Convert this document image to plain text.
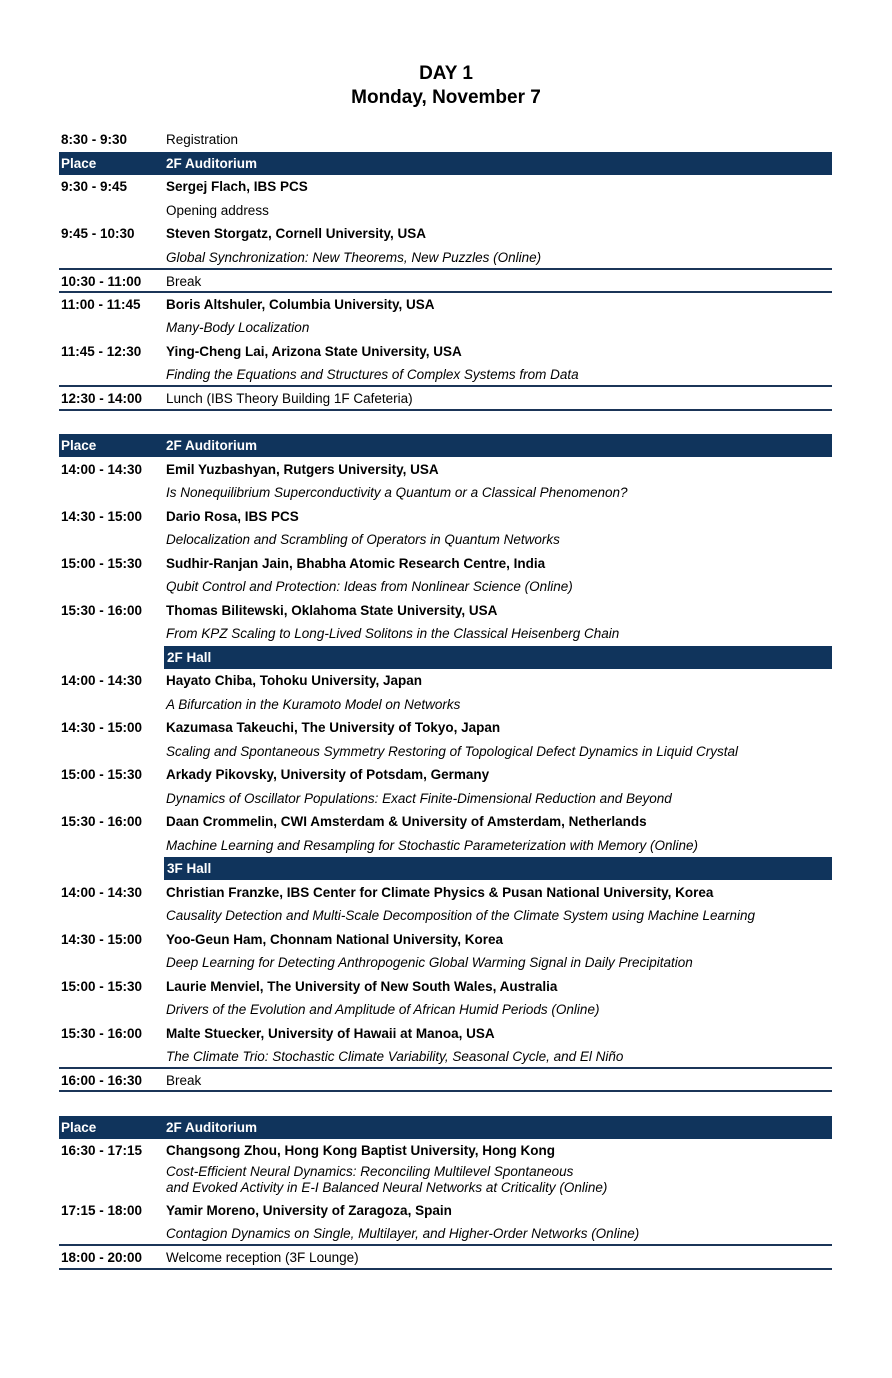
DAY 1
Monday, November 7
8:30 - 9:30	Registration
Place	2F Auditorium
9:30 - 9:45	Sergej Flach, IBS PCS
Opening address
9:45 - 10:30 Steven Storgatz, Cornell University, USA
Global Synchronization: New Theorems, New Puzzles (Online)
10:30 - 11:00 Break
11:00 - 11:45 Boris Altshuler, Columbia University, USA
Many-Body Localization
11:45 - 12:30 Ying-Cheng Lai, Arizona State University, USA
Finding the Equations and Structures of Complex Systems from Data
12:30 - 14:00 Lunch (IBS Theory Building 1F Cafeteria)
Place	2F Auditorium
14:00 - 14:30 Emil Yuzbashyan, Rutgers University, USA
Is Nonequilibrium Superconductivity a Quantum or a Classical Phenomenon?
14:30 - 15:00 Dario Rosa, IBS PCS
Delocalization and Scrambling of Operators in Quantum Networks
15:00 - 15:30 Sudhir-Ranjan Jain, Bhabha Atomic Research Centre, India
Qubit Control and Protection: Ideas from Nonlinear Science (Online)
15:30 - 16:00 Thomas Bilitewski, Oklahoma State University, USA
From KPZ Scaling to Long-Lived Solitons in the Classical Heisenberg Chain
2F Hall
14:00 - 14:30 Hayato Chiba, Tohoku University, Japan
A Bifurcation in the Kuramoto Model on Networks
14:30 - 15:00 Kazumasa Takeuchi, The University of Tokyo, Japan
Scaling and Spontaneous Symmetry Restoring of Topological Defect Dynamics in Liquid Crystal
15:00 - 15:30 Arkady Pikovsky, University of Potsdam, Germany
Dynamics of Oscillator Populations: Exact Finite-Dimensional Reduction and Beyond
15:30 - 16:00 Daan Crommelin, CWI Amsterdam & University of Amsterdam, Netherlands
Machine Learning and Resampling for Stochastic Parameterization with Memory (Online)
3F Hall
14:00 - 14:30 Christian Franzke, IBS Center for Climate Physics & Pusan National University, Korea
Causality Detection and Multi-Scale Decomposition of the Climate System using Machine Learning
14:30 - 15:00 Yoo-Geun Ham, Chonnam National University, Korea
Deep Learning for Detecting Anthropogenic Global Warming Signal in Daily Precipitation
15:00 - 15:30 Laurie Menviel, The University of New South Wales, Australia
Drivers of the Evolution and Amplitude of African Humid Periods (Online)
15:30 - 16:00 Malte Stuecker, University of Hawaii at Manoa, USA
The Climate Trio: Stochastic Climate Variability, Seasonal Cycle, and El Niño
16:00 - 16:30 Break
Place	2F Auditorium
16:30 - 17:15 Changsong Zhou, Hong Kong Baptist University, Hong Kong
Cost-Efficient Neural Dynamics: Reconciling Multilevel Spontaneous
and Evoked Activity in E-I Balanced Neural Networks at Criticality (Online)
17:15 - 18:00 Yamir Moreno, University of Zaragoza, Spain
Contagion Dynamics on Single, Multilayer, and Higher-Order Networks (Online)
18:00 - 20:00 Welcome reception (3F Lounge)
